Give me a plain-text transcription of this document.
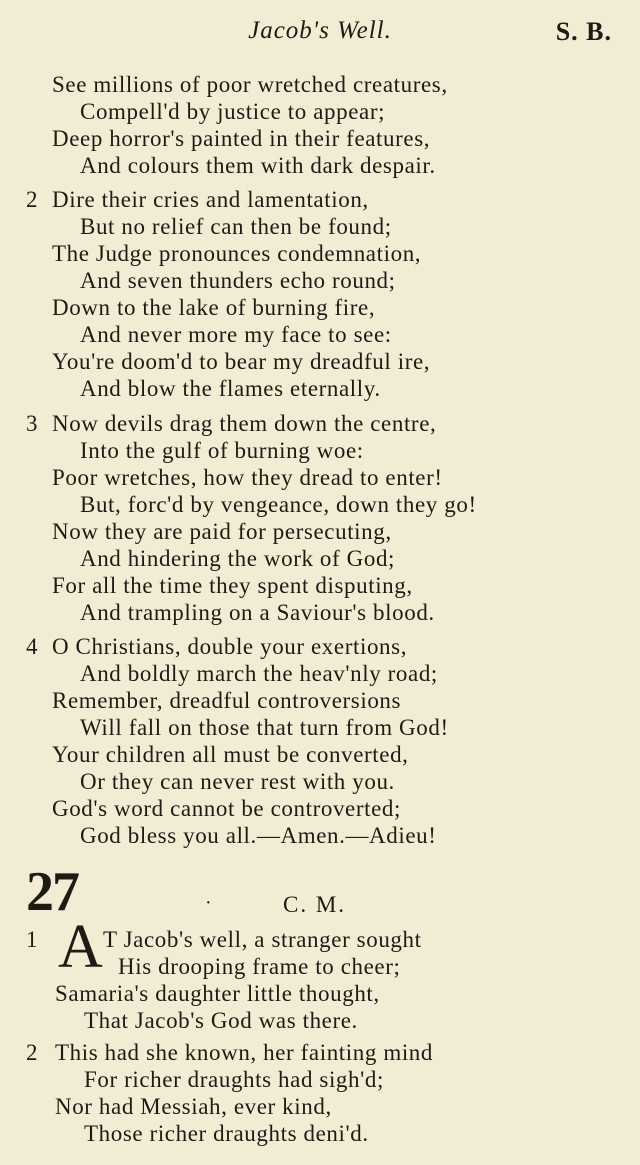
Jacob's Well.	S. B.
See millions of poor wretched creatures,
Compell'd by justice to appear;
Deep horror's painted in their features,
And colours them with dark despair.
2 Dire their cries and lamentation,
But no relief can then be found;
The Judge pronounces condemnation,
And seven thunders echo round;
Down to the lake of burning fire,
And never more my face to see:
You're doom'd to bear my dreadful ire,
And blow the flames eternally.
3 Now devils drag them down the centre,
Into the gulf of burning woe:
Poor wretches, how they dread to enter!
But, forc'd by vengeance, down they go!
Now they are paid for persecuting,
And hindering the work of God;
For all the time they spent disputing,
And trampling on a Saviour's blood.
4 O Christians, double your exertions,
And boldly march the heav'nly road;
Remember, dreadful controversions
Will fall on those that turn from God!
Your children all must be converted,
Or they can never rest with you.
God's word cannot be controverted;
God bless you all.—Amen.—Adieu!
27	·	C. M.
1 A T Jacob's well, a stranger sought
His drooping frame to cheer;
Samaria's daughter little thought,
That Jacob's God was there.
2 This had she known, her fainting mind
For richer draughts had sigh'd;
Nor had Messiah, ever kind,
Those richer draughts deni'd.
